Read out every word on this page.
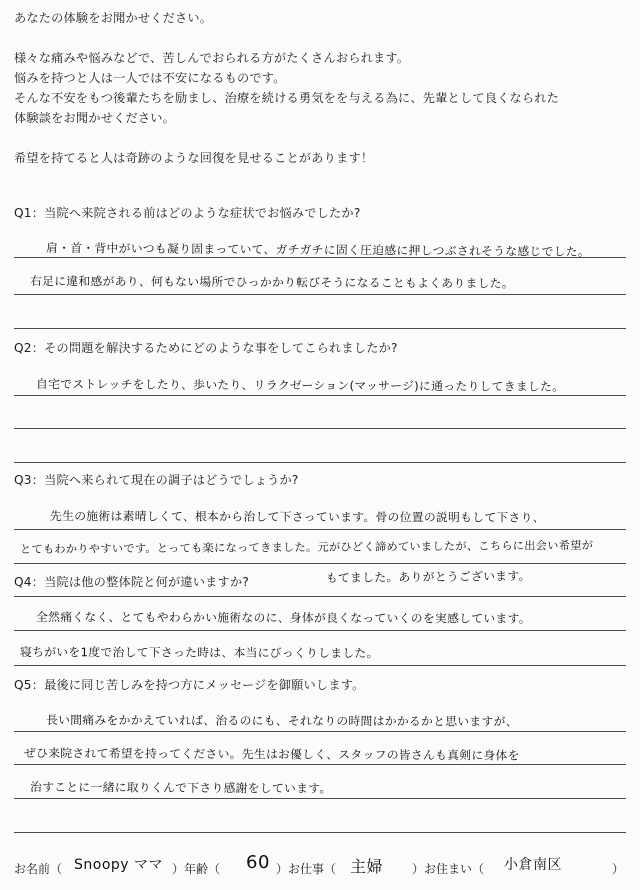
あなたの体験をお聞かせください。

様々な痛みや悩みなどで、苦しんでおられる方がたくさんおられます。

悩みを持つと人は一人では不安になるものです。

そんな不安をもつ後輩たちを励まし、治療を続ける勇気をを与える為に、先輩として良くなられた

体験談をお聞かせください。

希望を持てると人は奇跡のような回復を見せることがあります！

Q1：当院へ来院される前はどのような症状でお悩みでしたか?
肩・首・背中がいつも凝り固まっていて、ガチガチに固く圧迫感に押しつぶされそうな感じでした。
右足に違和感があり、何もない場所でひっかかり転びそうになることもよくありました。
Q2：その問題を解決するためにどのような事をしてこられましたか?
自宅でストレッチをしたり、歩いたり、リラクゼーション(マッサージ)に通ったりしてきました。
Q3：当院へ来られて現在の調子はどうでしょうか?
先生の施術は素晴しくて、根本から治して下さっています。骨の位置の説明もして下さり、
とてもわかりやすいです。とっても楽になってきました。元がひどく諦めていましたが、こちらに出会い希望が
Q4：当院は他の整体院と何が違いますか?	もてました。ありがとうございます。
全然痛くなく、とてもやわらかい施術なのに、身体が良くなっていくのを実感しています。
寝ちがいを1度で治して下さった時は、本当にびっくりしました。
Q5：最後に同じ苦しみを持つ方にメッセージを御願いします。
長い間痛みをかかえていれば、治るのにも、それなりの時間はかかるかと思いますが、
ぜひ来院されて希望を持ってください。先生はお優しく、スタッフの皆さんも真剣に身体を
治すことに一緒に取りくんで下さり感謝をしています。
お名前（ Snoopy ママ ）年齢（ 60 ）お仕事（ 主婦 ）お住まい（ 小倉南区	）
